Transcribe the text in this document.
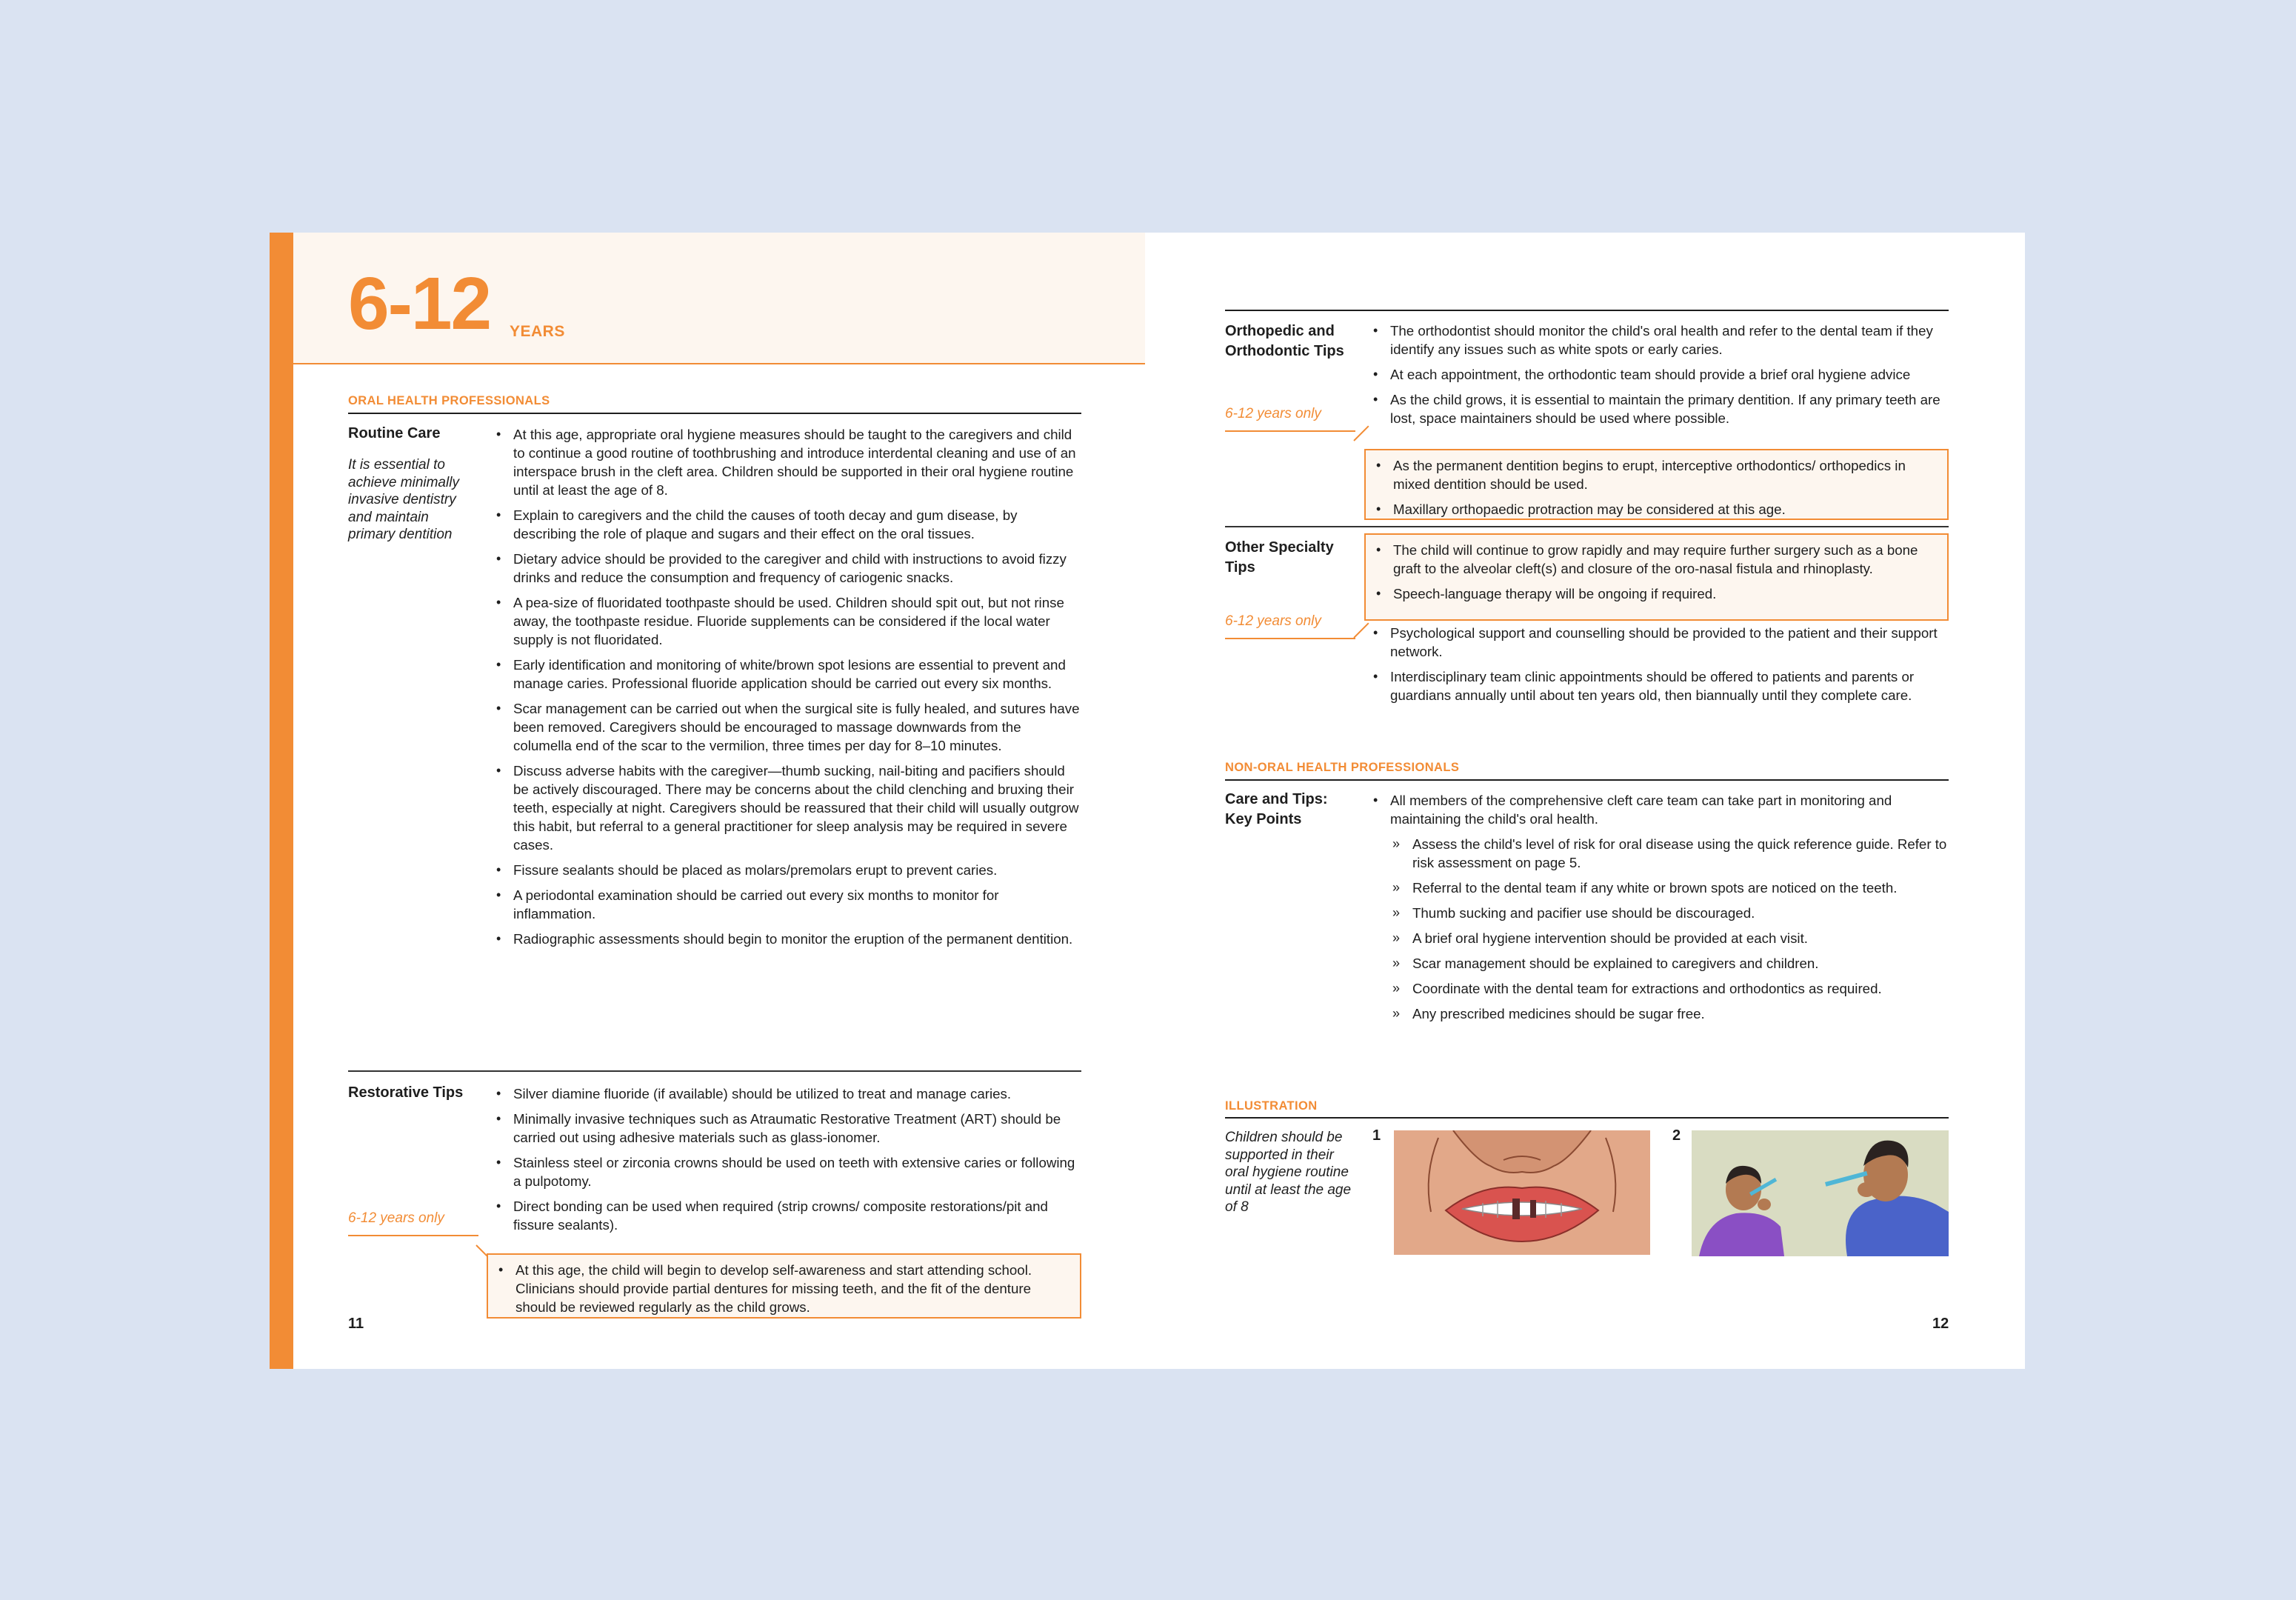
6-12 YEARS
ORAL HEALTH PROFESSIONALS
Routine Care
It is essential to achieve minimally invasive dentistry and maintain primary dentition
• At this age, appropriate oral hygiene measures should be taught to the caregivers and child to continue a good routine of toothbrushing and introduce interdental cleaning and use of an interspace brush in the cleft area. Children should be supported in their oral hygiene routine until at least the age of 8.
• Explain to caregivers and the child the causes of tooth decay and gum disease, by describing the role of plaque and sugars and their effect on the oral tissues.
• Dietary advice should be provided to the caregiver and child with instructions to avoid fizzy drinks and reduce the consumption and frequency of cariogenic snacks.
• A pea-size of fluoridated toothpaste should be used. Children should spit out, but not rinse away, the toothpaste residue. Fluoride supplements can be considered if the local water supply is not fluoridated.
• Early identification and monitoring of white/brown spot lesions are essential to prevent and manage caries. Professional fluoride application should be carried out every six months.
• Scar management can be carried out when the surgical site is fully healed, and sutures have been removed. Caregivers should be encouraged to massage downwards from the columella end of the scar to the vermilion, three times per day for 8–10 minutes.
• Discuss adverse habits with the caregiver—thumb sucking, nail-biting and pacifiers should be actively discouraged. There may be concerns about the child clenching and bruxing their teeth, especially at night. Caregivers should be reassured that their child will usually outgrow this habit, but referral to a general practitioner for sleep analysis may be required in severe cases.
• Fissure sealants should be placed as molars/premolars erupt to prevent caries.
• A periodontal examination should be carried out every six months to monitor for inflammation.
• Radiographic assessments should begin to monitor the eruption of the permanent dentition.
Restorative Tips
•	Silver diamine fluoride (if available) should be utilized to treat and manage caries.
• Minimally invasive techniques such as Atraumatic Restorative Treatment (ART) should be carried out using adhesive materials such as glass-ionomer.
• Stainless steel or zirconia crowns should be used on teeth with extensive caries or following a pulpotomy.
• Direct bonding can be used when required (strip crowns/ composite restorations/pit and fissure sealants).
6-12 years only
• At this age, the child will begin to develop self-awareness and start attending school. Clinicians should provide partial dentures for missing teeth, and the fit of the denture should be reviewed regularly as the child grows.
11
Orthopedic and Orthodontic Tips
• The orthodontist should monitor the child's oral health and refer to the dental team if they identify any issues such as white spots or early caries.
• At each appointment, the orthodontic team should provide a brief oral hygiene advice
• As the child grows, it is essential to maintain the primary dentition. If any primary teeth are lost, space maintainers should be used where possible.
6-12 years only
• As the permanent dentition begins to erupt, interceptive orthodontics/ orthopedics in mixed dentition should be used.
• Maxillary orthopaedic protraction may be considered at this age.
Other Specialty Tips
• The child will continue to grow rapidly and may require further surgery such as a bone graft to the alveolar cleft(s) and closure of the oro-nasal fistula and rhinoplasty.
• Speech-language therapy will be ongoing if required.
6-12 years only
• Psychological support and counselling should be provided to the patient and their support network.
• Interdisciplinary team clinic appointments should be offered to patients and parents or guardians annually until about ten years old, then biannually until they complete care.
NON-ORAL HEALTH PROFESSIONALS
Care and Tips: Key Points
• All members of the comprehensive cleft care team can take part in monitoring and maintaining the child's oral health.
» Assess the child's level of risk for oral disease using the quick reference guide. Refer to risk assessment on page 5.
» Referral to the dental team if any white or brown spots are noticed on the teeth.
» Thumb sucking and pacifier use should be discouraged.
» A brief oral hygiene intervention should be provided at each visit.
» Scar management should be explained to caregivers and children.
» Coordinate with the dental team for extractions and orthodontics as required.
» Any prescribed medicines should be sugar free.
ILLUSTRATION
Children should be supported in their oral hygiene routine until at least the age of 8
1	2
12
